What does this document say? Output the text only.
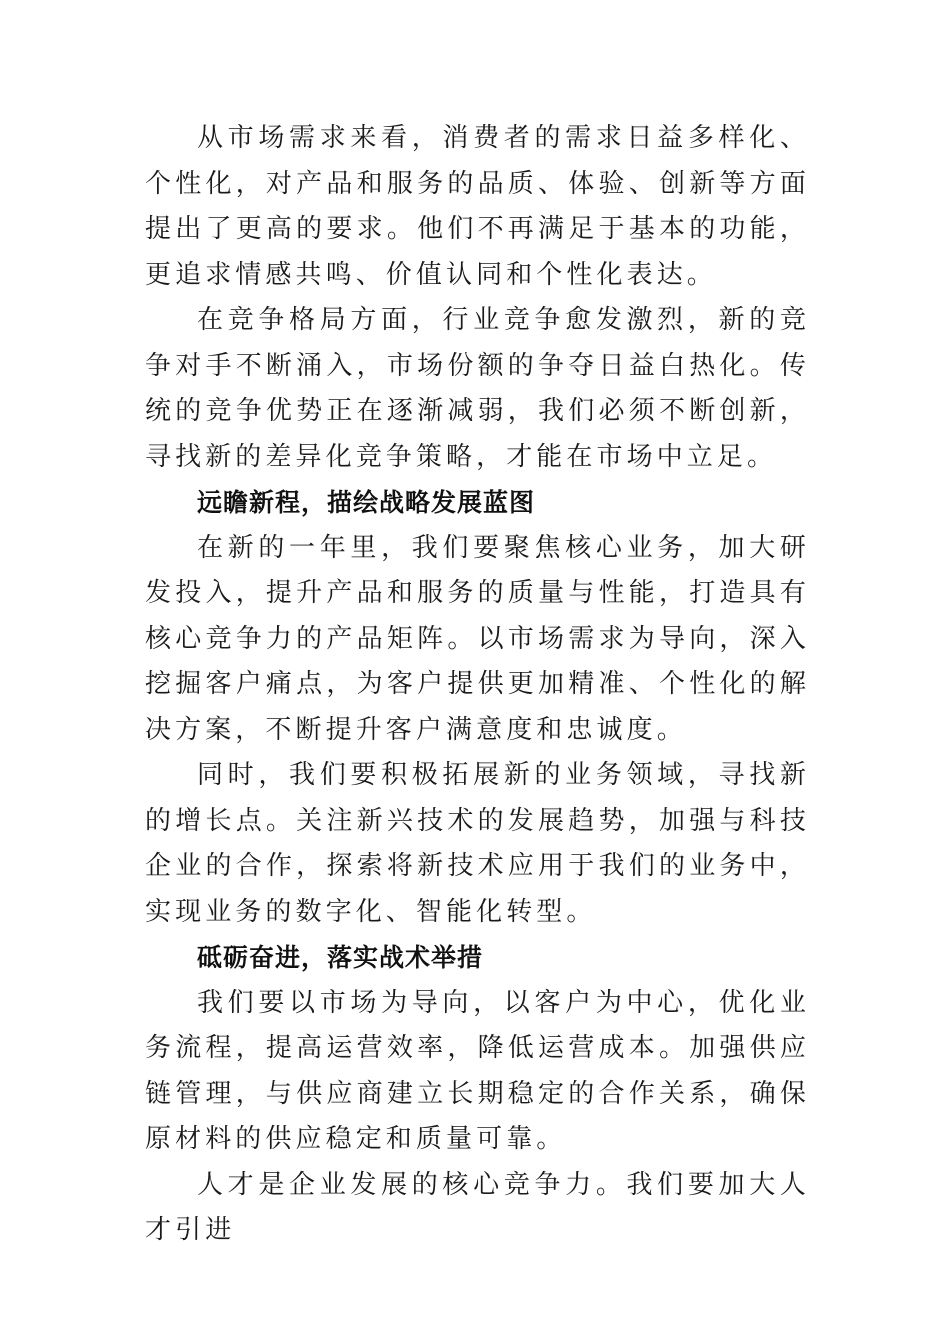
从市场需求来看，消费者的需求日益多样化、个性化，对产品和服务的品质、体验、创新等方面提出了更高的要求。他们不再满足于基本的功能，更追求情感共鸣、价值认同和个性化表达。

在竞争格局方面，行业竞争愈发激烈，新的竞争对手不断涌入，市场份额的争夺日益白热化。传统的竞争优势正在逐渐减弱，我们必须不断创新，寻找新的差异化竞争策略，才能在市场中立足。

远瞻新程，描绘战略发展蓝图

在新的一年里，我们要聚焦核心业务，加大研发投入，提升产品和服务的质量与性能，打造具有核心竞争力的产品矩阵。以市场需求为导向，深入挖掘客户痛点，为客户提供更加精准、个性化的解决方案，不断提升客户满意度和忠诚度。

同时，我们要积极拓展新的业务领域，寻找新的增长点。关注新兴技术的发展趋势，加强与科技企业的合作，探索将新技术应用于我们的业务中，实现业务的数字化、智能化转型。

砥砺奋进，落实战术举措

我们要以市场为导向，以客户为中心，优化业务流程，提高运营效率，降低运营成本。加强供应链管理，与供应商建立长期稳定的合作关系，确保原材料的供应稳定和质量可靠。

人才是企业发展的核心竞争力。我们要加大人才引进
